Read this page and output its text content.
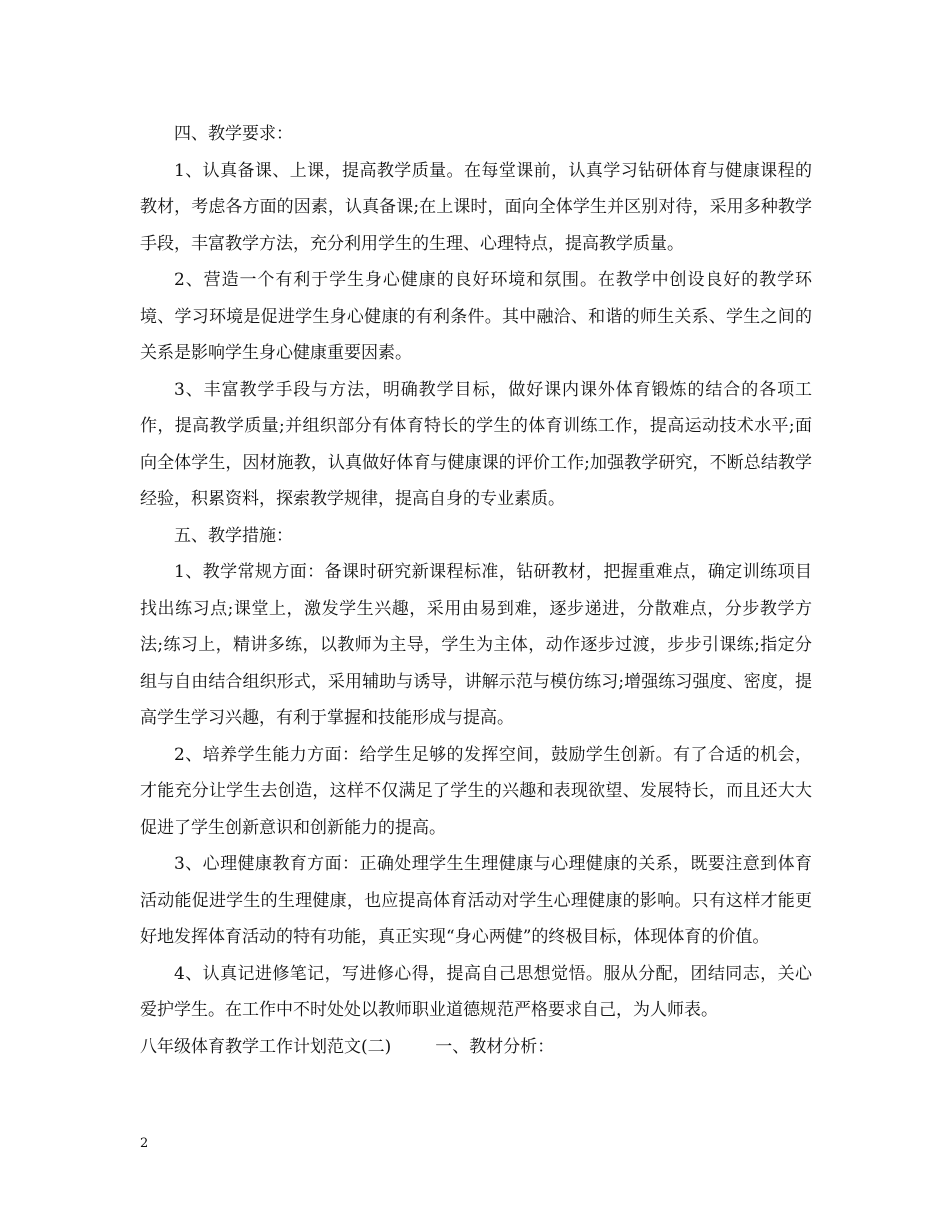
四、教学要求：

1、认真备课、上课，提高教学质量。在每堂课前，认真学习钻研体育与健康课程的教材，考虑各方面的因素，认真备课;在上课时，面向全体学生并区别对待，采用多种教学手段，丰富教学方法，充分利用学生的生理、心理特点，提高教学质量。

2、营造一个有利于学生身心健康的良好环境和氛围。在教学中创设良好的教学环境、学习环境是促进学生身心健康的有利条件。其中融洽、和谐的师生关系、学生之间的关系是影响学生身心健康重要因素。

3、丰富教学手段与方法，明确教学目标，做好课内课外体育锻炼的结合的各项工作，提高教学质量;并组织部分有体育特长的学生的体育训练工作，提高运动技术水平;面向全体学生，因材施教，认真做好体育与健康课的评价工作;加强教学研究，不断总结教学经验，积累资料，探索教学规律，提高自身的专业素质。

五、教学措施：

1、教学常规方面：备课时研究新课程标准，钻研教材，把握重难点，确定训练项目找出练习点;课堂上，激发学生兴趣，采用由易到难，逐步递进，分散难点，分步教学方法;练习上，精讲多练，以教师为主导，学生为主体，动作逐步过渡，步步引课练;指定分组与自由结合组织形式，采用辅助与诱导，讲解示范与模仿练习;增强练习强度、密度，提高学生学习兴趣，有利于掌握和技能形成与提高。

2、培养学生能力方面：给学生足够的发挥空间，鼓励学生创新。有了合适的机会，才能充分让学生去创造，这样不仅满足了学生的兴趣和表现欲望、发展特长，而且还大大促进了学生创新意识和创新能力的提高。

3、心理健康教育方面：正确处理学生生理健康与心理健康的关系，既要注意到体育活动能促进学生的生理健康，也应提高体育活动对学生心理健康的影响。只有这样才能更好地发挥体育活动的特有功能，真正实现“身心两健”的终极目标，体现体育的价值。

4、认真记进修笔记，写进修心得，提高自己思想觉悟。服从分配，团结同志，关心爱护学生。在工作中不时处处以教师职业道德规范严格要求自己，为人师表。

八年级体育教学工作计划范文(二)	一、教材分析：

2
